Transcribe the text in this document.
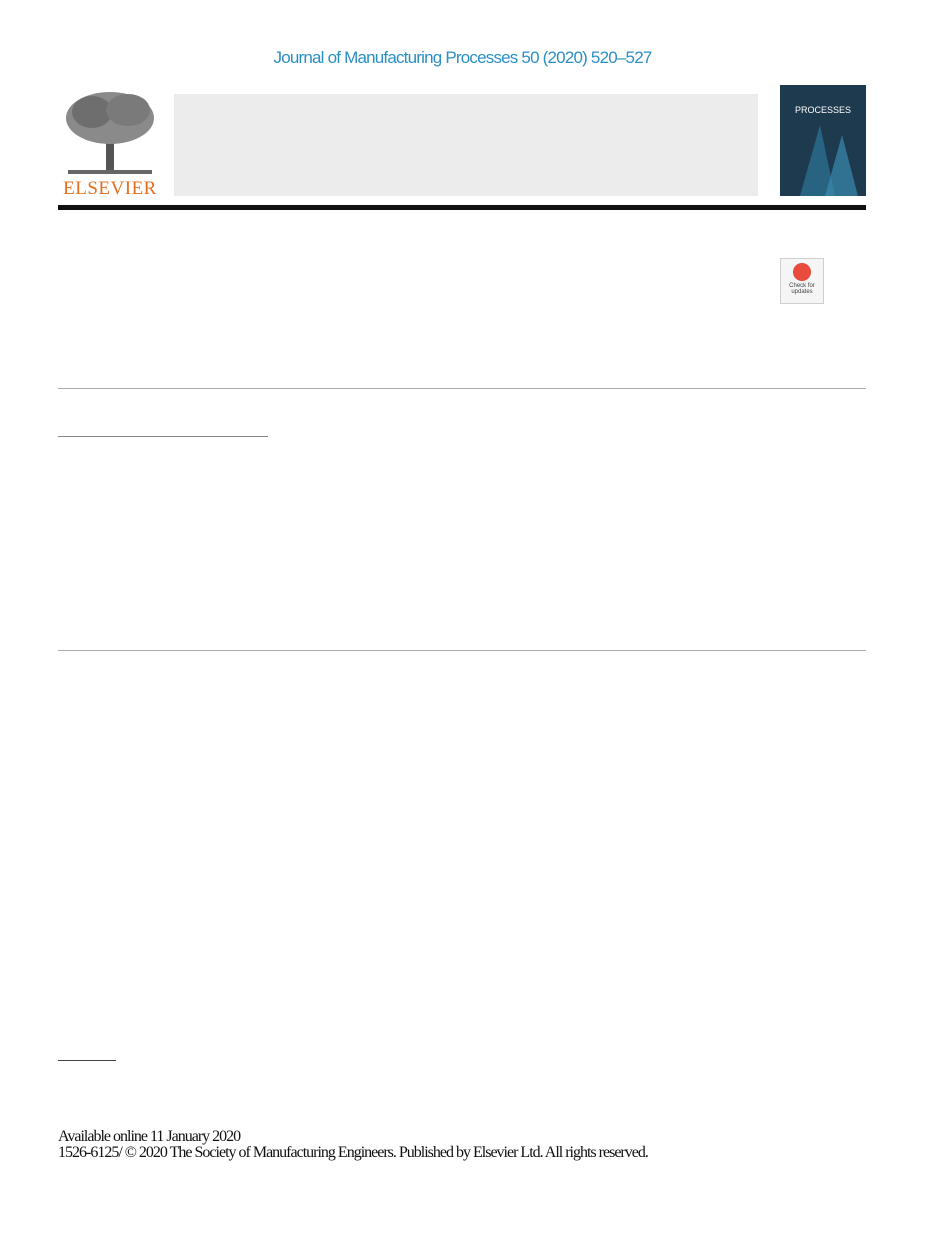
Journal of Manufacturing Processes 50 (2020) 520–527
ELSEVIER
PROCESSES
Check for updates
Available online 11 January 2020
1526-6125/ © 2020 The Society of Manufacturing Engineers. Published by Elsevier Ltd. All rights reserved.
